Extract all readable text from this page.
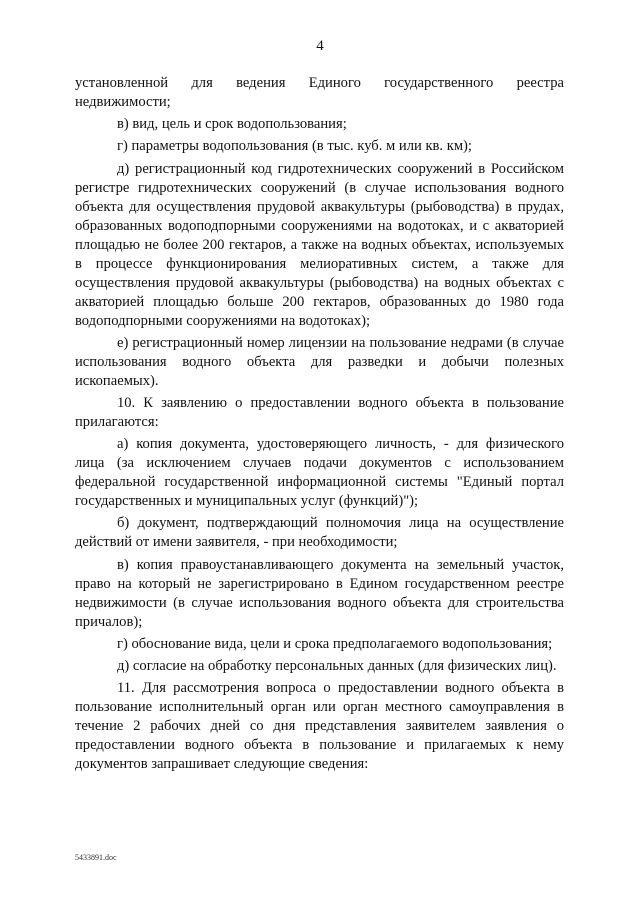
4

установленной для ведения Единого государственного реестра недвижимости;

в) вид, цель и срок водопользования;

г) параметры водопользования (в тыс. куб. м или кв. км);

д) регистрационный код гидротехнических сооружений в Российском регистре гидротехнических сооружений (в случае использования водного объекта для осуществления прудовой аквакультуры (рыбоводства) в прудах, образованных водоподпорными сооружениями на водотоках, и с акваторией площадью не более 200 гектаров, а также на водных объектах, используемых в процессе функционирования мелиоративных систем, а также для осуществления прудовой аквакультуры (рыбоводства) на водных объектах с акваторией площадью больше 200 гектаров, образованных до 1980 года водоподпорными сооружениями на водотоках);

е) регистрационный номер лицензии на пользование недрами (в случае использования водного объекта для разведки и добычи полезных ископаемых).

10. К заявлению о предоставлении водного объекта в пользование прилагаются:

а) копия документа, удостоверяющего личность, - для физического лица (за исключением случаев подачи документов с использованием федеральной государственной информационной системы "Единый портал государственных и муниципальных услуг (функций)");

б) документ, подтверждающий полномочия лица на осуществление действий от имени заявителя, - при необходимости;

в) копия правоустанавливающего документа на земельный участок, право на который не зарегистрировано в Едином государственном реестре недвижимости (в случае использования водного объекта для строительства причалов);

г) обоснование вида, цели и срока предполагаемого водопользования;

д) согласие на обработку персональных данных (для физических лиц).

11. Для рассмотрения вопроса о предоставлении водного объекта в пользование исполнительный орган или орган местного самоуправления в течение 2 рабочих дней со дня представления заявителем заявления о предоставлении водного объекта в пользование и прилагаемых к нему документов запрашивает следующие сведения:

5433891.doc
